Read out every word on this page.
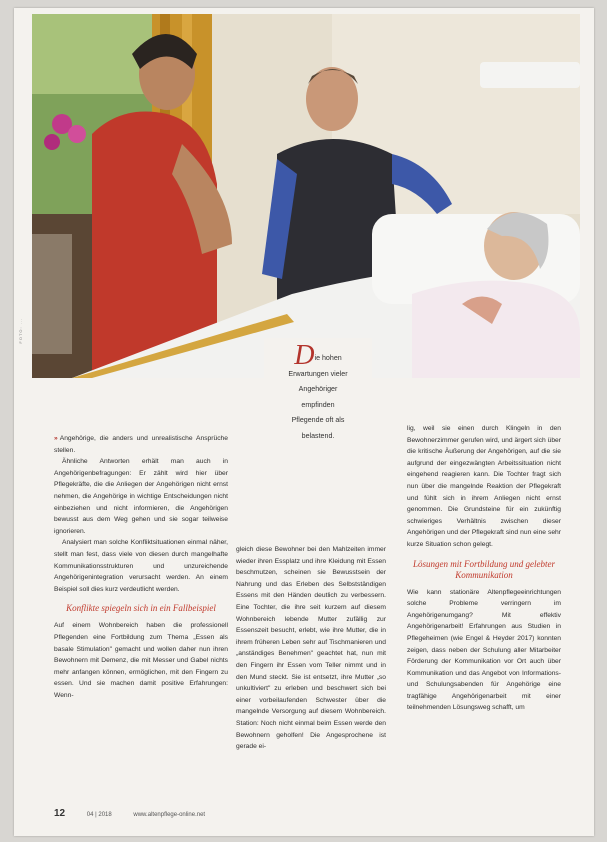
FOTO: ...
Die hohen
Erwartungen vieler
Angehöriger
empfinden
Pflegende oft als
belastend.

» Angehörige, die anders und unrealistische Ansprüche stellen.

Ähnliche Antworten erhält man auch in Angehörigenbefragungen: Er zählt wird hier über Pflegekräfte, die die Anliegen der Angehörigen nicht ernst nehmen, die Angehörige in wichtige Entscheidungen nicht einbeziehen und nicht informieren, die Angehörigen bewusst aus dem Weg gehen und sie sogar teilweise ignorieren.

Analysiert man solche Konfliktsituationen einmal näher, stellt man fest, dass viele von diesen durch mangelhafte Kommunikationsstrukturen und unzureichende Angehörigenintegration verursacht werden. An einem Beispiel soll dies kurz verdeutlicht werden.

Konflikte spiegeln sich in ein Fallbeispiel

Auf einem Wohnbereich haben die professionell Pflegenden eine Fortbildung zum Thema „Essen als basale Stimulation" gemacht und wollen daher nun ihren Bewohnern mit Demenz, die mit Messer und Gabel nichts mehr anfangen können, ermöglichen, mit den Fingern zu essen. Und sie machen damit positive Erfahrungen: Wenn-

gleich diese Bewohner bei den Mahlzeiten immer wieder ihren Essplatz und ihre Kleidung mit Essen beschmutzen, scheinen sie Bewusstsein der Nahrung und das Erleben des Selbstständigen Essens mit den Händen deutlich zu verbessern. Eine Tochter, die ihre seit kurzem auf diesem Wohnbereich lebende Mutter zufällig zur Essenszeit besucht, erlebt, wie ihre Mutter, die in ihrem früheren Leben sehr auf Tischmanieren und „anständiges Benehmen" geachtet hat, nun mit den Fingern ihr Essen vom Teller nimmt und in den Mund steckt. Sie ist entsetzt, ihre Mutter „so unkultiviert" zu erleben und beschwert sich bei einer vorbeilaufenden Schwester über die mangelnde Versorgung auf diesem Wohnbereich. Station: Noch nicht einmal beim Essen werde den Bewohnern geholfen! Die Angesprochene ist gerade ei-

lig, weil sie einen durch Klingeln in den Bewohnerzimmer gerufen wird, und ärgert sich über die kritische Äußerung der Angehörigen, auf die sie aufgrund der eingezwängten Arbeitssituation nicht eingehend reagieren kann. Die Tochter fragt sich nun über die mangelnde Reaktion der Pflegekraft und fühlt sich in ihrem Anliegen nicht ernst genommen. Die Grundsteine für ein zukünftig schwieriges Verhältnis zwischen dieser Angehörigen und der Pflegekraft sind nun eine sehr kurze Situation schon gelegt.

Lösungen mit Fortbildung und gelebter Kommunikation

Wie kann stationäre Altenpflegeeinrichtungen solche Probleme verringern im Angehörigenumgang? Mit effektiv Angehörigenarbeit! Erfahrungen aus Studien in Pflegeheimen (wie Engel & Heyder 2017) konnten zeigen, dass neben der Schulung aller Mitarbeiter Förderung der Kommunikation vor Ort auch über Kommunikation und das Angebot von Informations- und Schulungsabenden für Angehörige eine tragfähige Angehörigenarbeit mit einer teilnehmenden Lösungsweg schafft, um

12	04 | 2018	www.altenpflege-online.net
